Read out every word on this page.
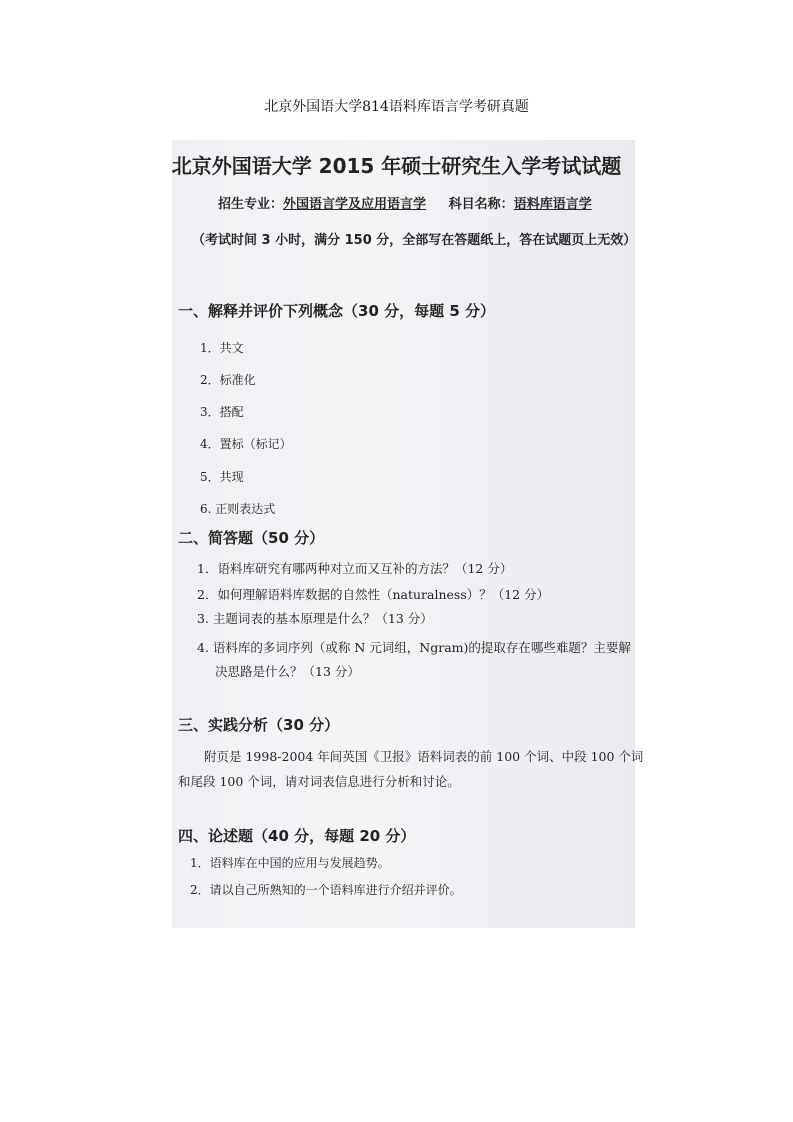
北京外国语大学814语料库语言学考研真题
北京外国语大学 2015 年硕士研究生入学考试试题
招生专业：外国语言学及应用语言学 科目名称：语料库语言学
（考试时间 3 小时，满分 150 分，全部写在答题纸上，答在试题页上无效）
一、解释并评价下列概念（30 分，每题 5 分）
1．共文
2．标准化
3．搭配
4．置标（标记）
5．共现
6. 正则表达式
二、简答题（50 分）
1．语料库研究有哪两种对立而又互补的方法？（12 分）
2．如何理解语料库数据的自然性（naturalness）？（12 分）
3. 主题词表的基本原理是什么？（13 分）
4. 语料库的多词序列（或称 N 元词组，Ngram)的提取存在哪些难题？主要解
决思路是什么？（13 分）
三、实践分析（30 分）
附页是 1998-2004 年间英国《卫报》语料词表的前 100 个词、中段 100 个词
和尾段 100 个词，请对词表信息进行分析和讨论。
四、论述题（40 分，每题 20 分）
1．语料库在中国的应用与发展趋势。
2．请以自己所熟知的一个语料库进行介绍并评价。
